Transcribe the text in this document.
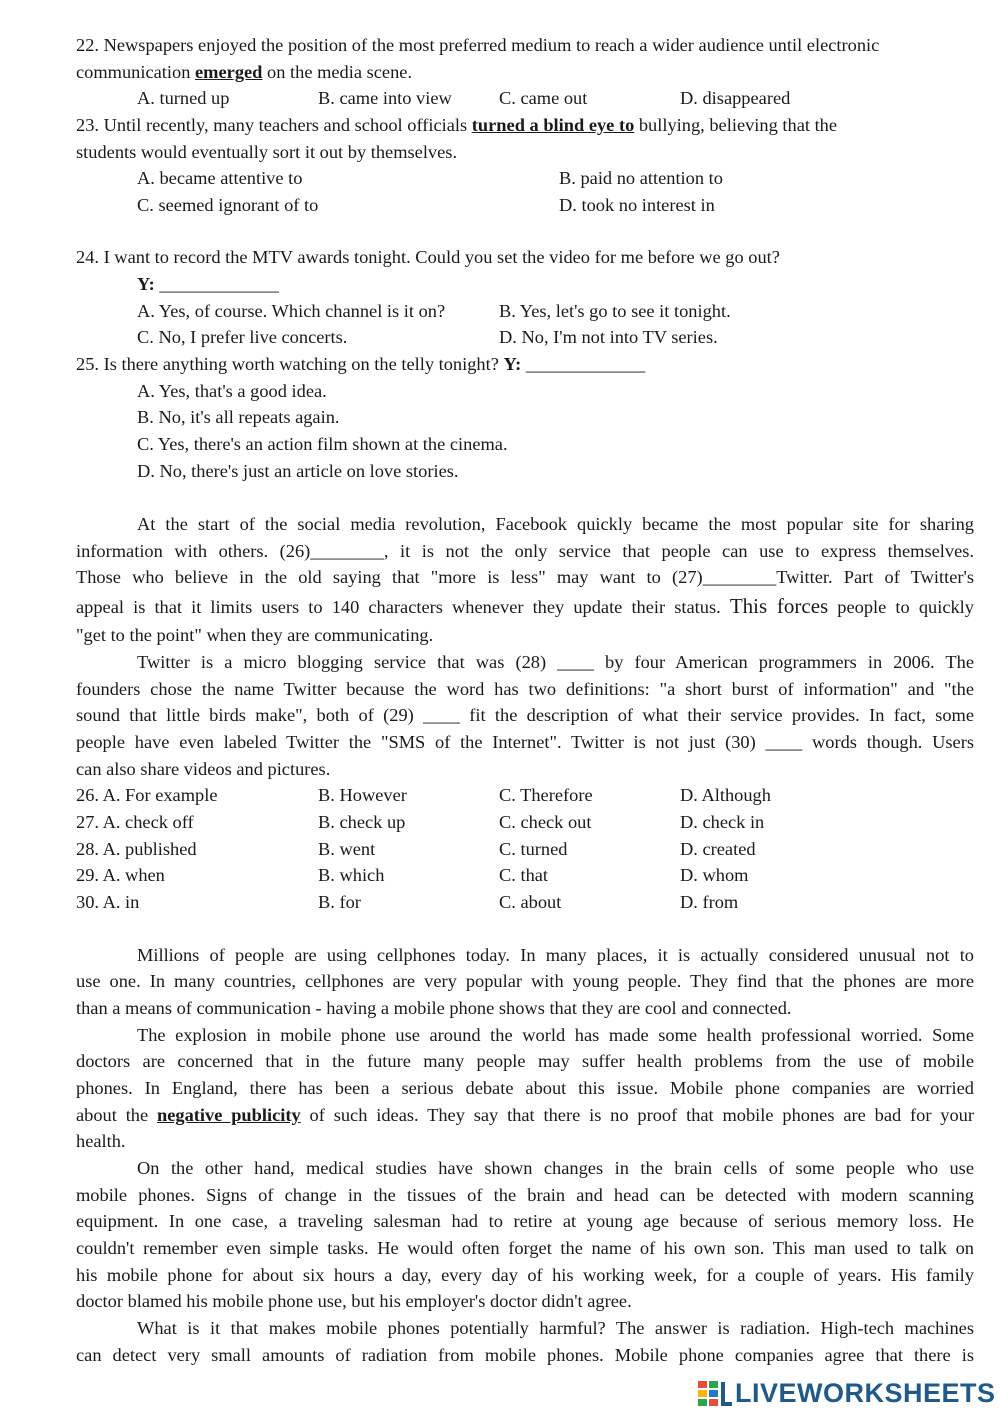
22. Newspapers enjoyed the position of the most preferred medium to reach a wider audience until electronic
communication emerged on the media scene.
A. turned up	B. came into view	C. came out	D. disappeared
23. Until recently, many teachers and school officials turned a blind eye to bullying, believing that the
students would eventually sort it out by themselves.
A. became attentive to	B. paid no attention to
C. seemed ignorant of to	D. took no interest in
24. I want to record the MTV awards tonight. Could you set the video for me before we go out?
Y: _____________
A. Yes, of course. Which channel is it on?	B. Yes, let's go to see it tonight.
C. No, I prefer live concerts.	D. No, I'm not into TV series.
25. Is there anything worth watching on the telly tonight? Y: _____________
A. Yes, that's a good idea.
B. No, it's all repeats again.
C. Yes, there's an action film shown at the cinema.
D. No, there's just an article on love stories.
At the start of the social media revolution, Facebook quickly became the most popular site for sharing
information with others. (26)________, it is not the only service that people can use to express themselves.
Those who believe in the old saying that "more is less" may want to (27)________Twitter. Part of Twitter's
appeal is that it limits users to 140 characters whenever they update their status. This forces people to quickly
"get to the point" when they are communicating.
Twitter is a micro blogging service that was (28) ____ by four American programmers in 2006. The
founders chose the name Twitter because the word has two definitions: "a short burst of information" and "the
sound that little birds make", both of (29) ____ fit the description of what their service provides. In fact, some
people have even labeled Twitter the "SMS of the Internet". Twitter is not just (30) ____ words though. Users
can also share videos and pictures.
26. A. For example	B. However	C. Therefore	D. Although
27. A. check off	B. check up	C. check out	D. check in
28. A. published	B. went	C. turned	D. created
29. A. when	B. which	C. that	D. whom
30. A. in	B. for	C. about	D. from
Millions of people are using cellphones today. In many places, it is actually considered unusual not to
use one. In many countries, cellphones are very popular with young people. They find that the phones are more
than a means of communication - having a mobile phone shows that they are cool and connected.
The explosion in mobile phone use around the world has made some health professional worried. Some
doctors are concerned that in the future many people may suffer health problems from the use of mobile
phones. In England, there has been a serious debate about this issue. Mobile phone companies are worried
about the negative publicity of such ideas. They say that there is no proof that mobile phones are bad for your
health.
On the other hand, medical studies have shown changes in the brain cells of some people who use
mobile phones. Signs of change in the tissues of the brain and head can be detected with modern scanning
equipment. In one case, a traveling salesman had to retire at young age because of serious memory loss. He
couldn't remember even simple tasks. He would often forget the name of his own son. This man used to talk on
his mobile phone for about six hours a day, every day of his working week, for a couple of years. His family
doctor blamed his mobile phone use, but his employer's doctor didn't agree.
What is it that makes mobile phones potentially harmful? The answer is radiation. High-tech machines
can detect very small amounts of radiation from mobile phones. Mobile phone companies agree that there is
LIVEWORKSHEETS
